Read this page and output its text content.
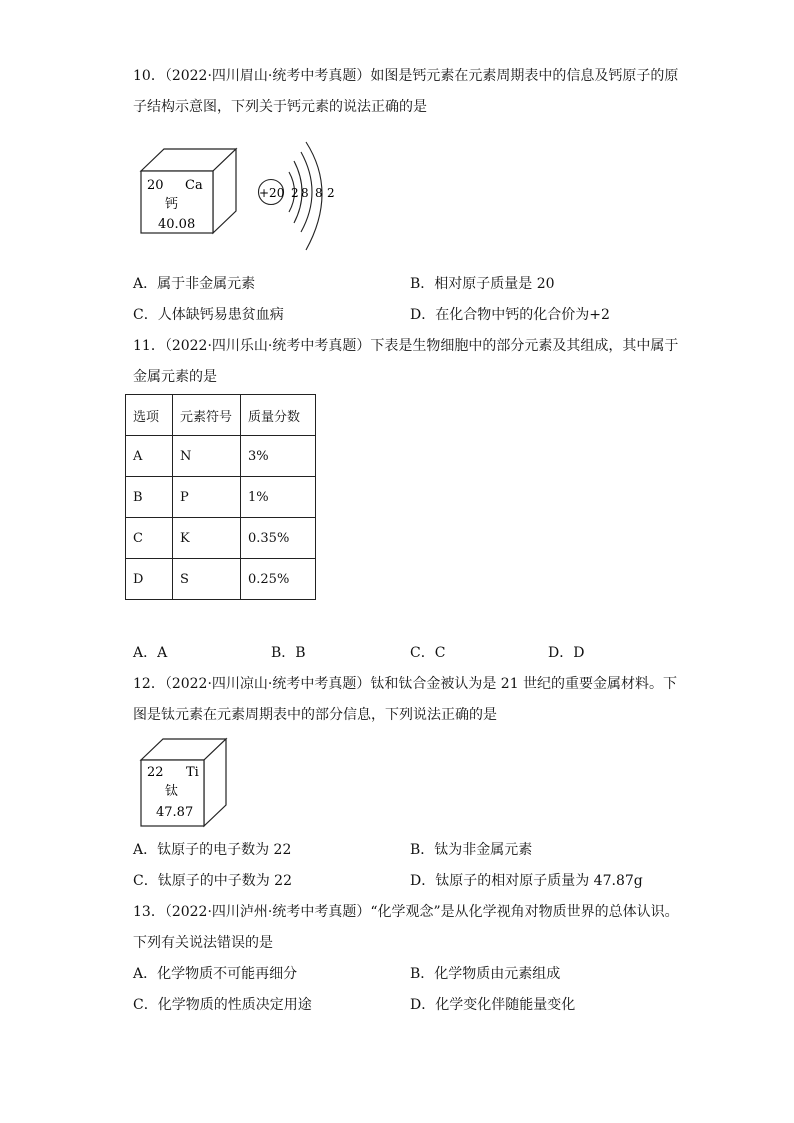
10．（2022·四川眉山·统考中考真题）如图是钙元素在元素周期表中的信息及钙原子的原
子结构示意图，下列关于钙元素的说法正确的是
20 Ca
钙
40.08
+20 2 8 8 2
A．属于非金属元素	B．相对原子质量是 20
C．人体缺钙易患贫血病	D．在化合物中钙的化合价为+2
11．（2022·四川乐山·统考中考真题）下表是生物细胞中的部分元素及其组成，其中属于
金属元素的是
选项	元素符号	质量分数
A	N	3%
B	P	1%
C	K	0.35%
D	S	0.25%
A．A	B．B	C．C	D．D
12．（2022·四川凉山·统考中考真题）钛和钛合金被认为是 21 世纪的重要金属材料。下
图是钛元素在元素周期表中的部分信息，下列说法正确的是
22 Ti
钛
47.87
A．钛原子的电子数为 22	B．钛为非金属元素
C．钛原子的中子数为 22	D．钛原子的相对原子质量为 47.87g
13．（2022·四川泸州·统考中考真题）“化学观念”是从化学视角对物质世界的总体认识。
下列有关说法错误的是
A．化学物质不可能再细分	B．化学物质由元素组成
C．化学物质的性质决定用途	D．化学变化伴随能量变化
